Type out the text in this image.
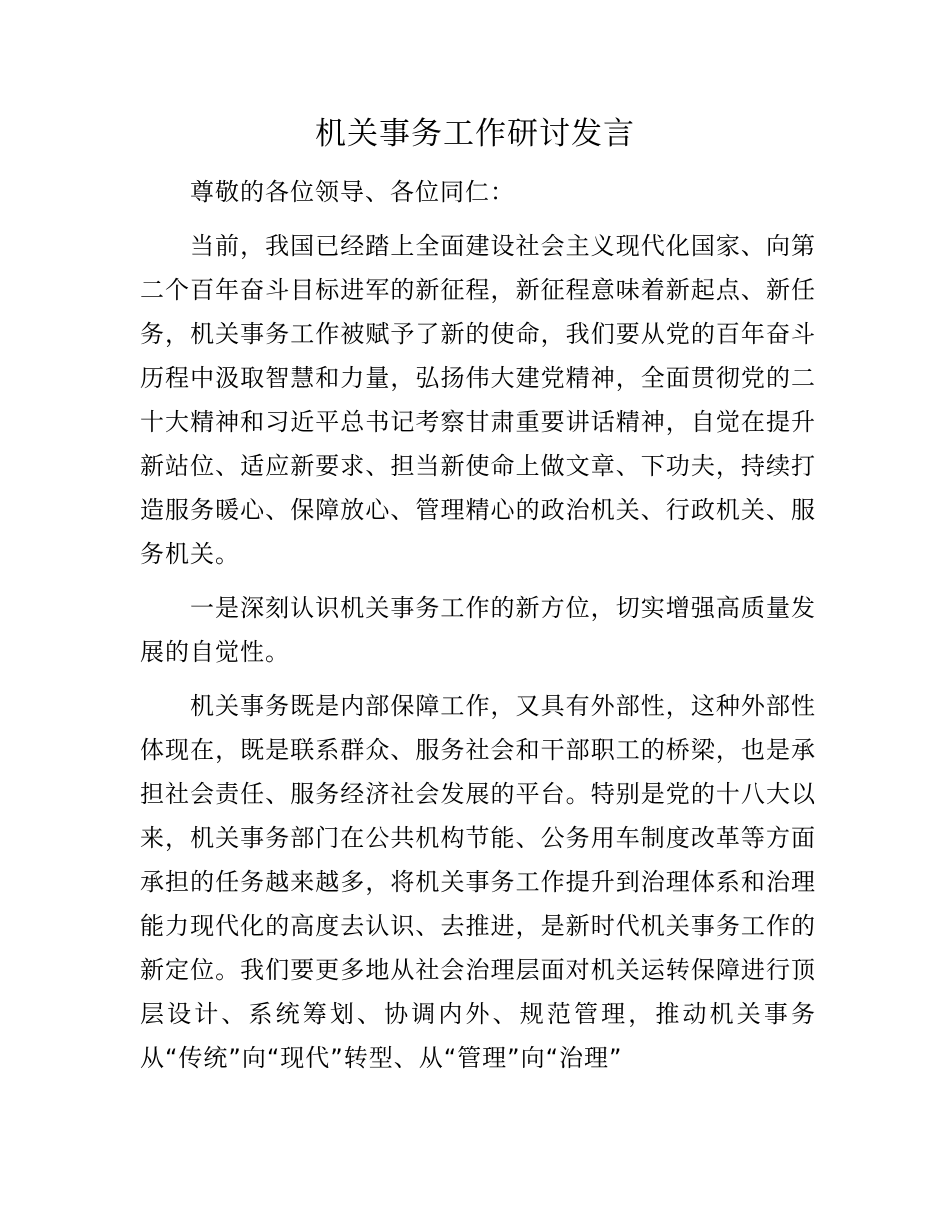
机关事务工作研讨发言

尊敬的各位领导、各位同仁：

当前，我国已经踏上全面建设社会主义现代化国家、向第二个百年奋斗目标进军的新征程，新征程意味着新起点、新任务，机关事务工作被赋予了新的使命，我们要从党的百年奋斗历程中汲取智慧和力量，弘扬伟大建党精神，全面贯彻党的二十大精神和习近平总书记考察甘肃重要讲话精神，自觉在提升新站位、适应新要求、担当新使命上做文章、下功夫，持续打造服务暖心、保障放心、管理精心的政治机关、行政机关、服务机关。

一是深刻认识机关事务工作的新方位，切实增强高质量发展的自觉性。

机关事务既是内部保障工作，又具有外部性，这种外部性体现在，既是联系群众、服务社会和干部职工的桥梁，也是承担社会责任、服务经济社会发展的平台。特别是党的十八大以来，机关事务部门在公共机构节能、公务用车制度改革等方面承担的任务越来越多，将机关事务工作提升到治理体系和治理能力现代化的高度去认识、去推进，是新时代机关事务工作的新定位。我们要更多地从社会治理层面对机关运转保障进行顶层设计、系统筹划、协调内外、规范管理，推动机关事务从“传统”向“现代”转型、从“管理”向“治理”
